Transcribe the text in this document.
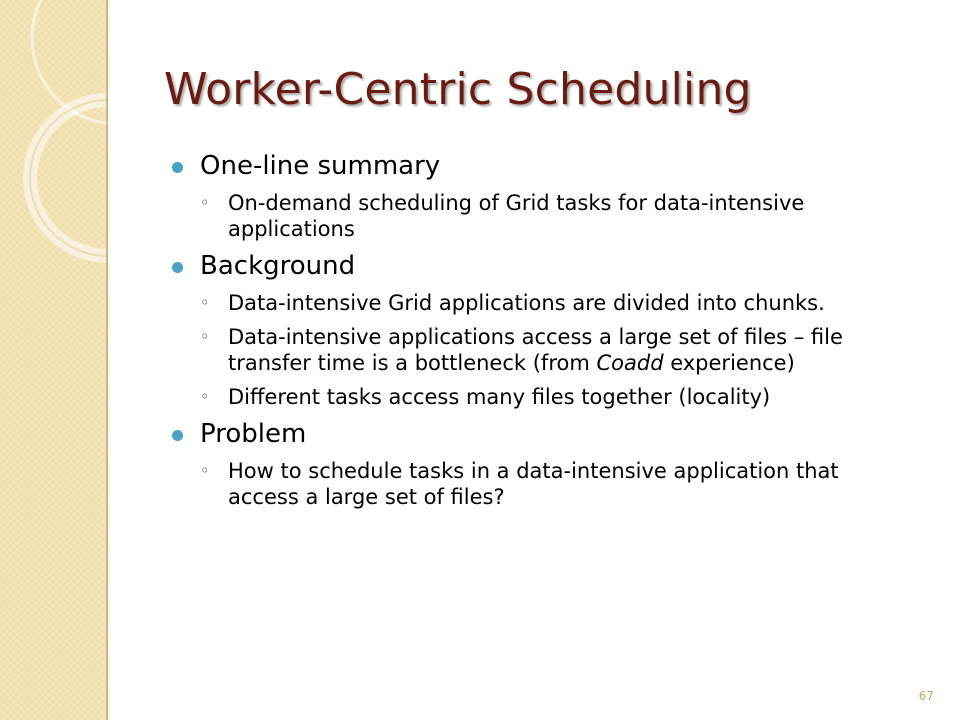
Worker-Centric Scheduling
One-line summary
◦ On-demand scheduling of Grid tasks for data-intensive applications
Background
◦ Data-intensive Grid applications are divided into chunks.
◦ Data-intensive applications access a large set of files – file transfer time is a bottleneck (from Coadd experience)
◦ Different tasks access many files together (locality)
Problem
◦ How to schedule tasks in a data-intensive application that access a large set of files?
67
